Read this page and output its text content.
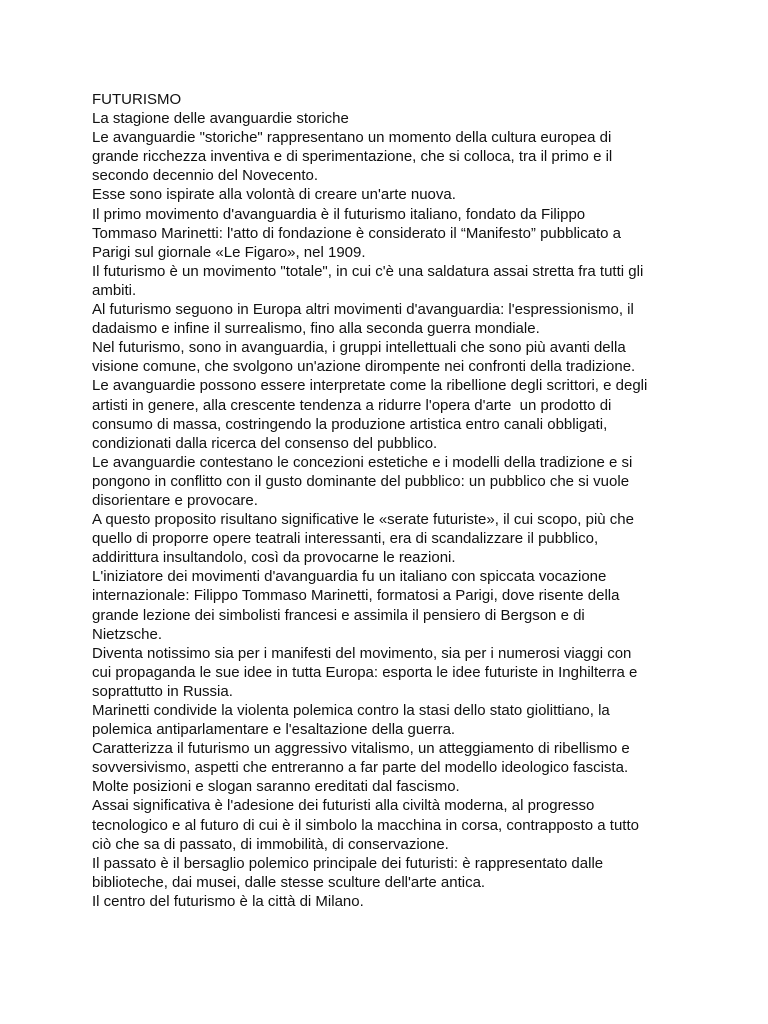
FUTURISMO

La stagione delle avanguardie storiche

Le avanguardie "storiche" rappresentano un momento della cultura europea di
grande ricchezza inventiva e di sperimentazione, che si colloca, tra il primo e il
secondo decennio del Novecento.

Esse sono ispirate alla volontà di creare un'arte nuova.

Il primo movimento d'avanguardia è il futurismo italiano, fondato da Filippo
Tommaso Marinetti: l'atto di fondazione è considerato il “Manifesto” pubblicato a
Parigi sul giornale «Le Figaro», nel 1909.

Il futurismo è un movimento "totale", in cui c'è una saldatura assai stretta fra tutti gli
ambiti.

Al futurismo seguono in Europa altri movimenti d'avanguardia: l'espressionismo, il
dadaismo e infine il surrealismo, fino alla seconda guerra mondiale.

Nel futurismo, sono in avanguardia, i gruppi intellettuali che sono più avanti della
visione comune, che svolgono un'azione dirompente nei confronti della tradizione.

Le avanguardie possono essere interpretate come la ribellione degli scrittori, e degli
artisti in genere, alla crescente tendenza a ridurre l'opera d'arte  un prodotto di
consumo di massa, costringendo la produzione artistica entro canali obbligati,
condizionati dalla ricerca del consenso del pubblico.

Le avanguardie contestano le concezioni estetiche e i modelli della tradizione e si
pongono in conflitto con il gusto dominante del pubblico: un pubblico che si vuole
disorientare e provocare.

A questo proposito risultano significative le «serate futuriste», il cui scopo, più che
quello di proporre opere teatrali interessanti, era di scandalizzare il pubblico,
addirittura insultandolo, così da provocarne le reazioni.

L'iniziatore dei movimenti d'avanguardia fu un italiano con spiccata vocazione
internazionale: Filippo Tommaso Marinetti, formatosi a Parigi, dove risente della
grande lezione dei simbolisti francesi e assimila il pensiero di Bergson e di
Nietzsche.

Diventa notissimo sia per i manifesti del movimento, sia per i numerosi viaggi con
cui propaganda le sue idee in tutta Europa: esporta le idee futuriste in Inghilterra e
soprattutto in Russia.

Marinetti condivide la violenta polemica contro la stasi dello stato giolittiano, la
polemica antiparlamentare e l'esaltazione della guerra.

Caratterizza il futurismo un aggressivo vitalismo, un atteggiamento di ribellismo e
sovversivismo, aspetti che entreranno a far parte del modello ideologico fascista.

Molte posizioni e slogan saranno ereditati dal fascismo.

Assai significativa è l'adesione dei futuristi alla civiltà moderna, al progresso
tecnologico e al futuro di cui è il simbolo la macchina in corsa, contrapposto a tutto
ciò che sa di passato, di immobilità, di conservazione.

Il passato è il bersaglio polemico principale dei futuristi: è rappresentato dalle
biblioteche, dai musei, dalle stesse sculture dell'arte antica.

Il centro del futurismo è la città di Milano.
